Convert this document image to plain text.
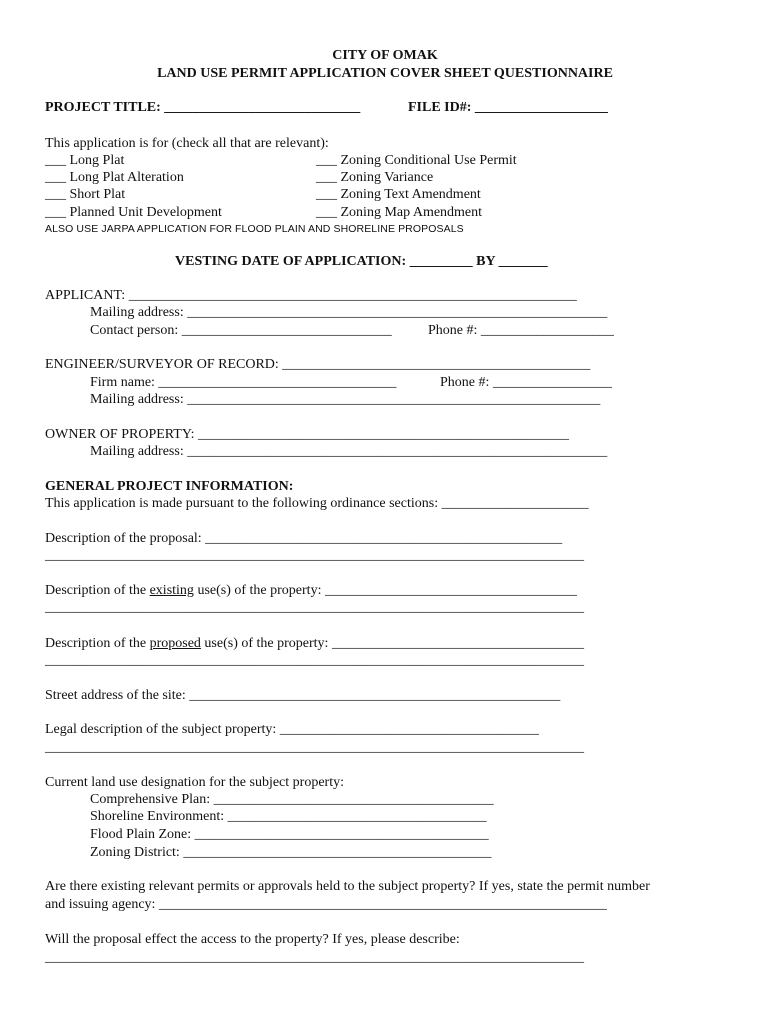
CITY OF OMAK
LAND USE PERMIT APPLICATION COVER SHEET QUESTIONNAIRE
PROJECT TITLE: ____________________________	FILE ID#: ___________________
This application is for (check all that are relevant):
___ Long Plat
___ Long Plat Alteration
___ Short Plat
___ Planned Unit Development
___ Zoning Conditional Use Permit
___ Zoning Variance
___ Zoning Text Amendment
___ Zoning Map Amendment
ALSO USE JARPA APPLICATION FOR FLOOD PLAIN AND SHORELINE PROPOSALS
VESTING DATE OF APPLICATION: _________ BY _______
APPLICANT: ________________________________________________________________
Mailing address: ____________________________________________________________
Contact person: ______________________________	Phone #: ___________________
ENGINEER/SURVEYOR OF RECORD: ____________________________________________
Firm name: __________________________________	Phone #: _________________
Mailing address: ___________________________________________________________
OWNER OF PROPERTY: _____________________________________________________
Mailing address: ____________________________________________________________
GENERAL PROJECT INFORMATION:
This application is made pursuant to the following ordinance sections: _____________________
Description of the proposal: ___________________________________________________
_____________________________________________________________________________
Description of the existing use(s) of the property: ____________________________________
_____________________________________________________________________________
Description of the proposed use(s) of the property: ____________________________________
_____________________________________________________________________________
Street address of the site: _____________________________________________________
Legal description of the subject property: _____________________________________
_____________________________________________________________________________
Current land use designation for the subject property:
Comprehensive Plan: ________________________________________
Shoreline Environment: _____________________________________
Flood Plain Zone: __________________________________________
Zoning District: ____________________________________________
Are there existing relevant permits or approvals held to the subject property? If yes, state the permit number
and issuing agency: ________________________________________________________________
Will the proposal effect the access to the property? If yes, please describe:
_____________________________________________________________________________
